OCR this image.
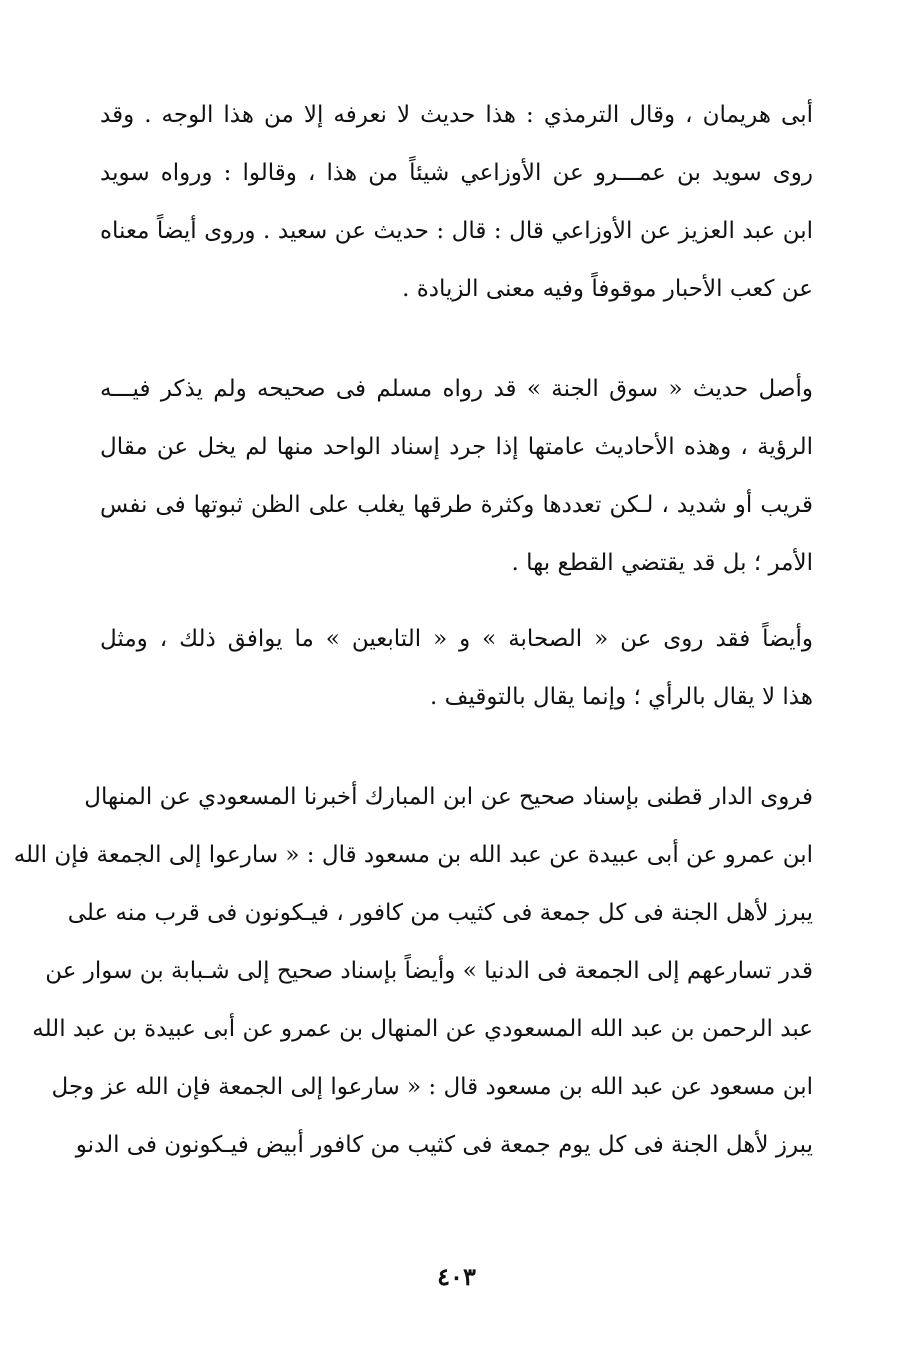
أبى هريمان ، وقال الترمذي : هذا حديث لا نعرفه إلا من هذا الوجه . وقد
روى سويد بن عمـــرو عن الأوزاعي شيئاً من هذا ، وقالوا : ورواه سويد
ابن عبد العزيز عن الأوزاعي قال : قال : حديث عن سعيد . وروى أيضاً معناه
عن كعب الأحبار موقوفاً وفيه معنى الزيادة .
وأصل حديث « سوق الجنة » قد رواه مسلم فى صحيحه ولم يذكر فيـــه
الرؤية ، وهذه الأحاديث عامتها إذا جرد إسناد الواحد منها لم يخل عن مقال
قريب أو شديد ، لـكن تعددها وكثرة طرقها يغلب على الظن ثبوتها فى نفس
الأمر ؛ بل قد يقتضي القطع بها .
وأيضاً فقد روى عن « الصحابة » و « التابعين » ما يوافق ذلك ، ومثل
هذا لا يقال بالرأي ؛ وإنما يقال بالتوقيف .
فروى الدار قطنى بإسناد صحيح عن ابن المبارك أخبرنا المسعودي عن المنهال
ابن عمرو عن أبى عبيدة عن عبد الله بن مسعود قال : « سارعوا إلى الجمعة فإن الله
يبرز لأهل الجنة فى كل جمعة فى كثيب من كافور ، فيـكونون فى قرب منه على
قدر تسارعهم إلى الجمعة فى الدنيا » وأيضاً بإسناد صحيح إلى شـبابة بن سوار عن
عبد الرحمن بن عبد الله المسعودي عن المنهال بن عمرو عن أبى عبيدة بن عبد الله
ابن مسعود عن عبد الله بن مسعود قال : « سارعوا إلى الجمعة فإن الله عز وجل
يبرز لأهل الجنة فى كل يوم جمعة فى كثيب من كافور أبيض فيـكونون فى الدنو
٤٠٣
